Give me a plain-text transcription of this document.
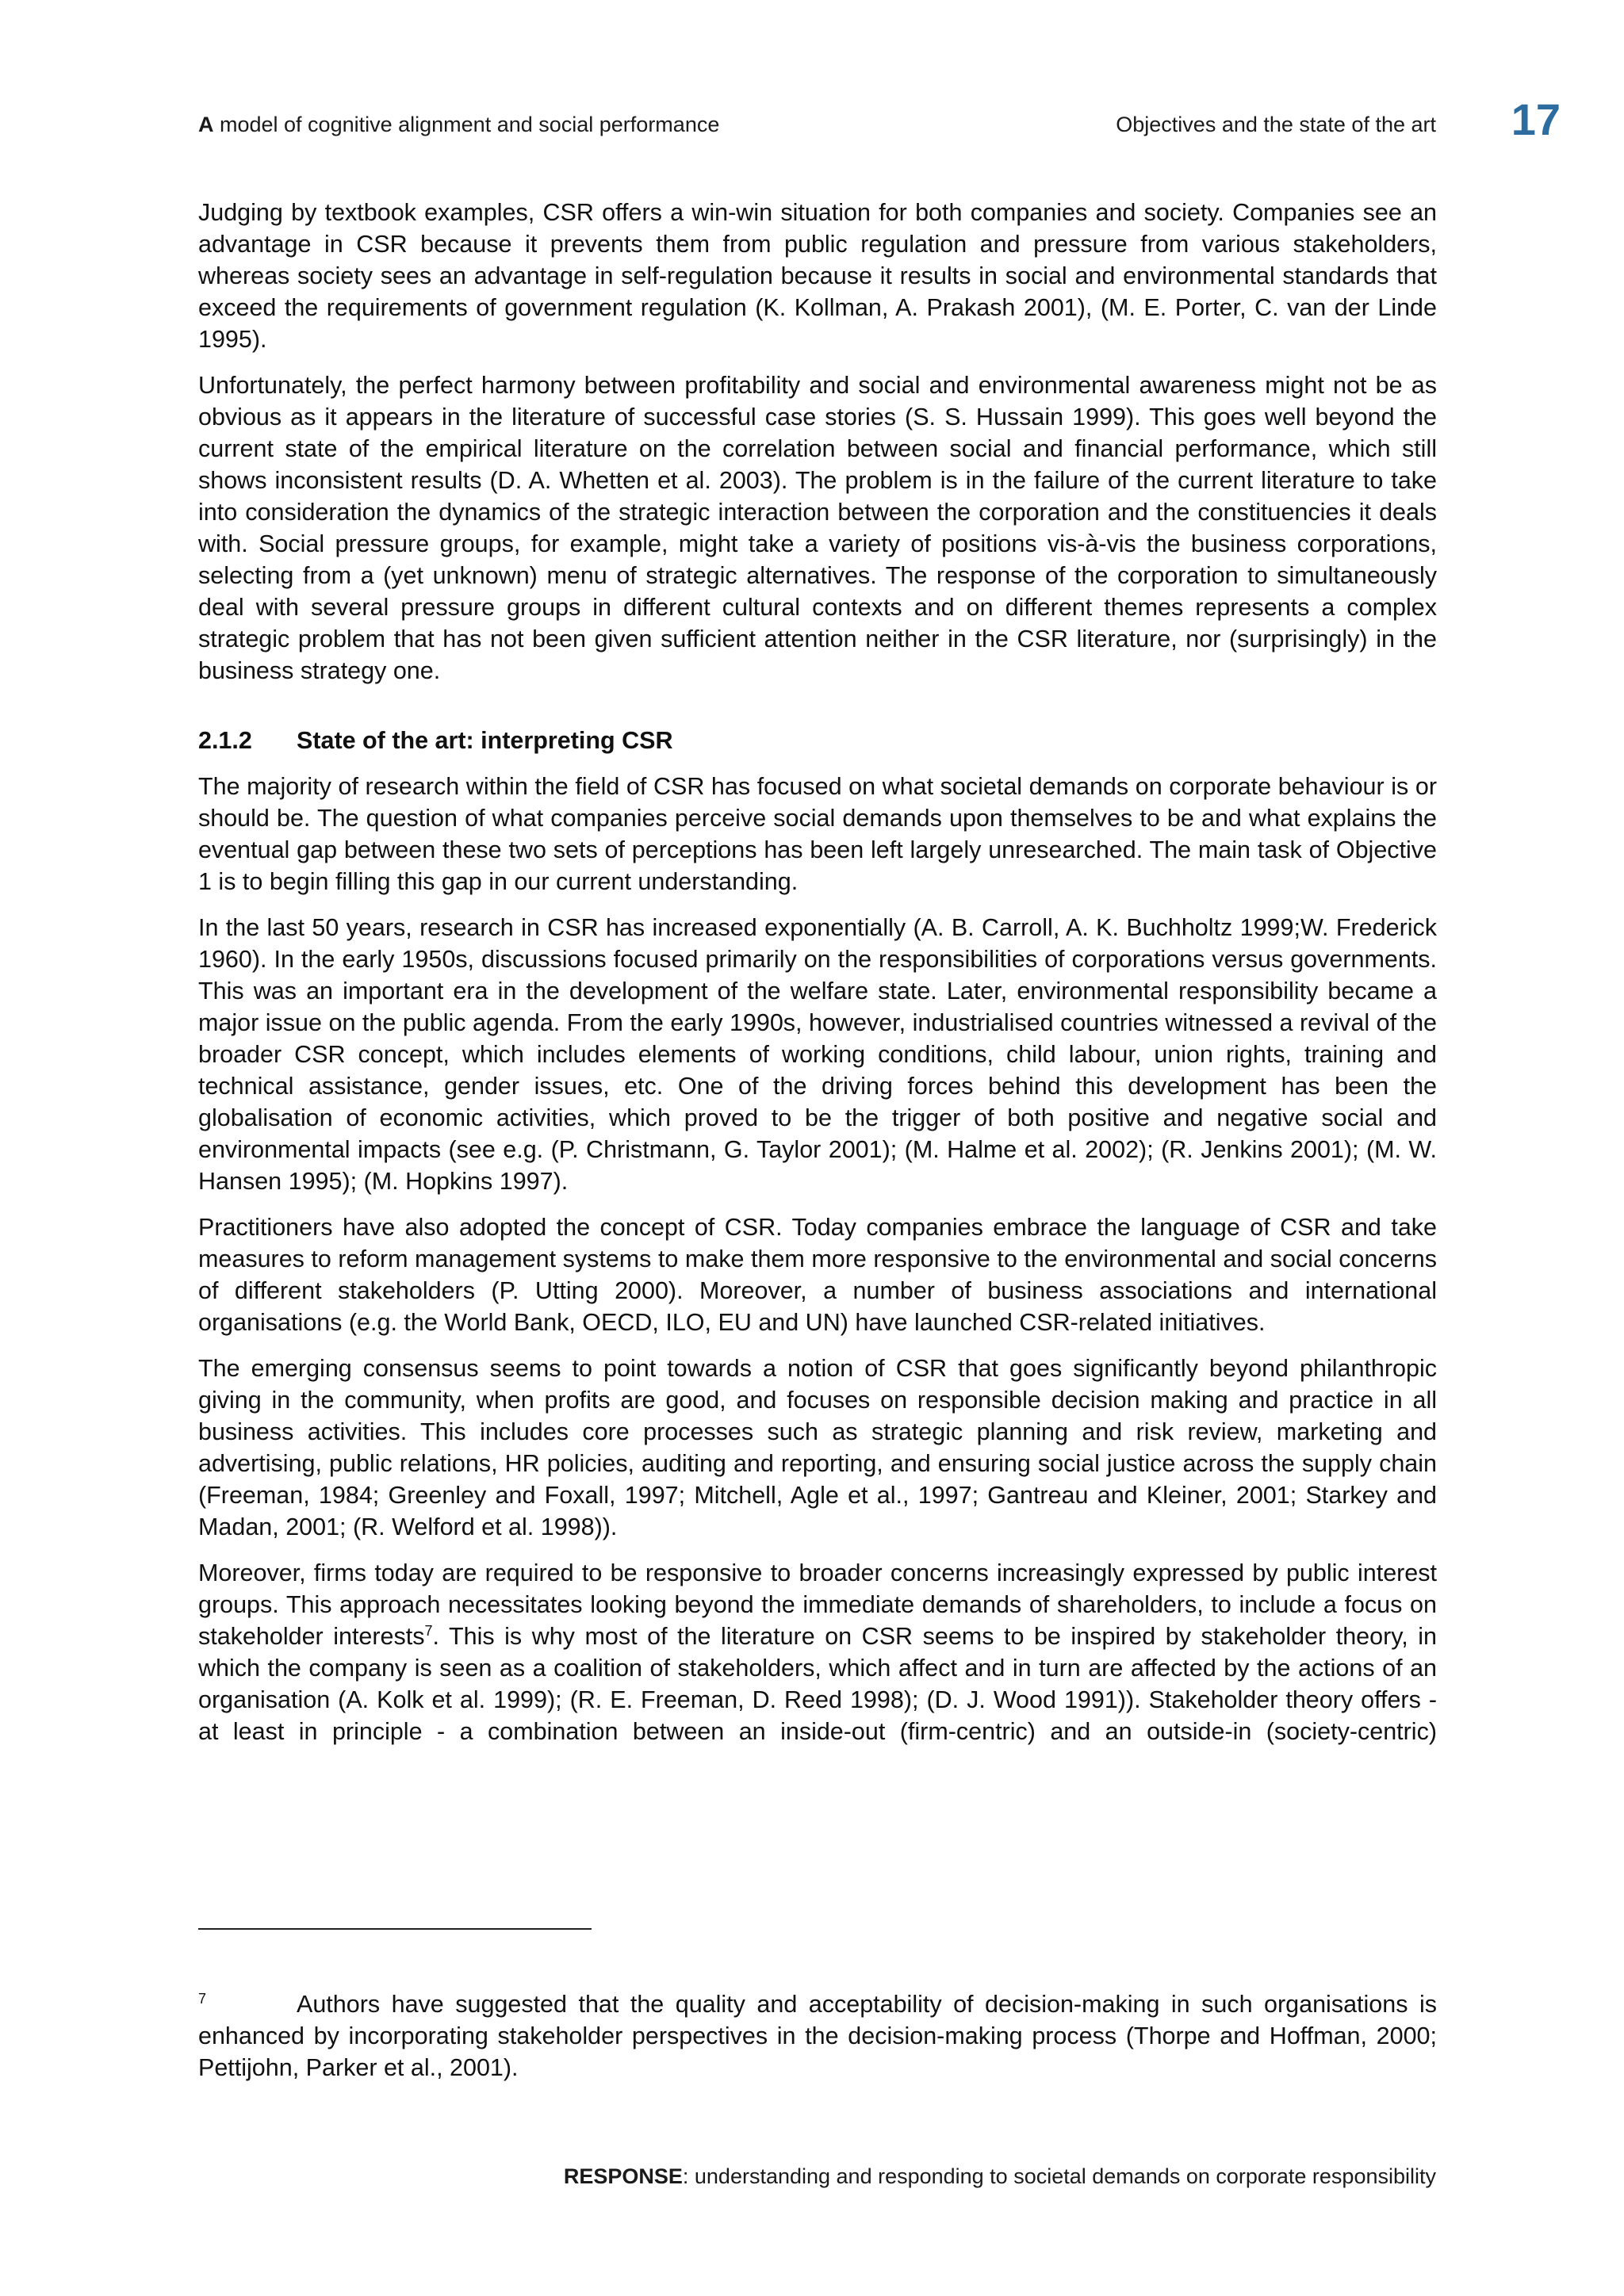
A model of cognitive alignment and social performance	Objectives and the state of the art 17

Judging by textbook examples, CSR offers a win-win situation for both companies and society. Companies see an advantage in CSR because it prevents them from public regulation and pressure from various stakeholders, whereas society sees an advantage in self-regulation because it results in social and environmental standards that exceed the requirements of government regulation (K. Kollman, A. Prakash 2001), (M. E. Porter, C. van der Linde 1995).

Unfortunately, the perfect harmony between profitability and social and environmental awareness might not be as obvious as it appears in the literature of successful case stories (S. S. Hussain 1999). This goes well beyond the current state of the empirical literature on the correlation between social and financial performance, which still shows inconsistent results (D. A. Whetten et al. 2003). The problem is in the failure of the current literature to take into consideration the dynamics of the strategic interaction between the corporation and the constituencies it deals with. Social pressure groups, for example, might take a variety of positions vis-à-vis the business corporations, selecting from a (yet unknown) menu of strategic alternatives. The response of the corporation to simultaneously deal with several pressure groups in different cultural contexts and on different themes represents a complex strategic problem that has not been given sufficient attention neither in the CSR literature, nor (surprisingly) in the business strategy one.

2.1.2 State of the art: interpreting CSR

The majority of research within the field of CSR has focused on what societal demands on corporate behaviour is or should be. The question of what companies perceive social demands upon themselves to be and what explains the eventual gap between these two sets of perceptions has been left largely unresearched. The main task of Objective 1 is to begin filling this gap in our current understanding.

In the last 50 years, research in CSR has increased exponentially (A. B. Carroll, A. K. Buchholtz 1999;W. Frederick 1960). In the early 1950s, discussions focused primarily on the responsibilities of corporations versus governments. This was an important era in the development of the welfare state. Later, environmental responsibility became a major issue on the public agenda. From the early 1990s, however, industrialised countries witnessed a revival of the broader CSR concept, which includes elements of working conditions, child labour, union rights, training and technical assistance, gender issues, etc. One of the driving forces behind this development has been the globalisation of economic activities, which proved to be the trigger of both positive and negative social and environmental impacts (see e.g. (P. Christmann, G. Taylor 2001); (M. Halme et al. 2002); (R. Jenkins 2001); (M. W. Hansen 1995); (M. Hopkins 1997).

Practitioners have also adopted the concept of CSR. Today companies embrace the language of CSR and take measures to reform management systems to make them more responsive to the environmental and social concerns of different stakeholders (P. Utting 2000). Moreover, a number of business associations and international organisations (e.g. the World Bank, OECD, ILO, EU and UN) have launched CSR-related initiatives.

The emerging consensus seems to point towards a notion of CSR that goes significantly beyond philanthropic giving in the community, when profits are good, and focuses on responsible decision making and practice in all business activities. This includes core processes such as strategic planning and risk review, marketing and advertising, public relations, HR policies, auditing and reporting, and ensuring social justice across the supply chain (Freeman, 1984; Greenley and Foxall, 1997; Mitchell, Agle et al., 1997; Gantreau and Kleiner, 2001; Starkey and Madan, 2001; (R. Welford et al. 1998)).

Moreover, firms today are required to be responsive to broader concerns increasingly expressed by public interest groups. This approach necessitates looking beyond the immediate demands of shareholders, to include a focus on stakeholder interests$^7$. This is why most of the literature on CSR seems to be inspired by stakeholder theory, in which the company is seen as a coalition of stakeholders, which affect and in turn are affected by the actions of an organisation (A. Kolk et al. 1999); (R. E. Freeman, D. Reed 1998); (D. J. Wood 1991)). Stakeholder theory offers - at least in principle - a combination between an inside-out (firm-centric) and an outside-in (society-centric)

7	Authors have suggested that the quality and acceptability of decision-making in such organisations is enhanced by incorporating stakeholder perspectives in the decision-making process (Thorpe and Hoffman, 2000; Pettijohn, Parker et al., 2001).

RESPONSE: understanding and responding to societal demands on corporate responsibility
